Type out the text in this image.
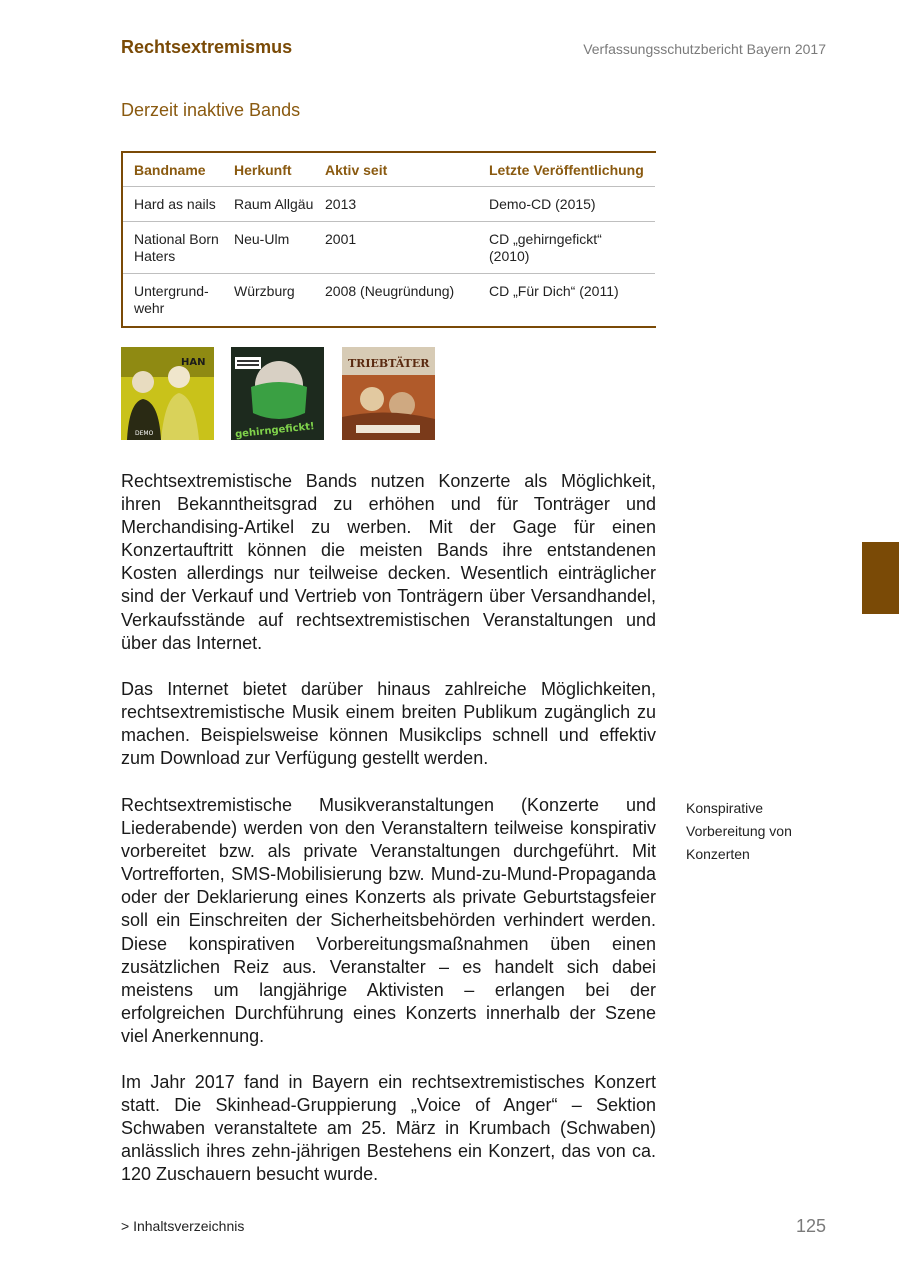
Rechtsextremismus	Verfassungsschutzbericht Bayern 2017
Derzeit inaktive Bands
Bandname	Herkunft	Aktiv seit	Letzte Veröffentlichung
Hard as nails	Raum Allgäu	2013	Demo-CD (2015)
National Born Haters	Neu-Ulm	2001	CD „gehirngefickt“ (2010)
Untergrund-wehr	Würzburg	2008 (Neugründung)	CD „Für Dich“ (2011)
HAN
DEMO	gehirngefickt!
TRIEBTÄTER
Rechtsextremistische Bands nutzen Konzerte als Möglichkeit, ihren Bekanntheitsgrad zu erhöhen und für Tonträger und Merchandising-Artikel zu werben. Mit der Gage für einen Konzertauftritt können die meisten Bands ihre entstandenen Kosten allerdings nur teilweise decken. Wesentlich einträglicher sind der Verkauf und Vertrieb von Tonträgern über Versandhandel, Verkaufsstände auf rechtsextremistischen Veranstaltungen und über das Internet.
Das Internet bietet darüber hinaus zahlreiche Möglichkeiten, rechtsextremistische Musik einem breiten Publikum zugänglich zu machen. Beispielsweise können Musikclips schnell und effektiv zum Download zur Verfügung gestellt werden.
Rechtsextremistische Musikveranstaltungen (Konzerte und Liederabende) werden von den Veranstaltern teilweise konspirativ vorbereitet bzw. als private Veranstaltungen durchgeführt. Mit Vortrefforten, SMS-Mobilisierung bzw. Mund-zu-Mund-Propaganda oder der Deklarierung eines Konzerts als private Geburtstagsfeier soll ein Einschreiten der Sicherheitsbehörden verhindert werden. Diese konspirativen Vorbereitungsmaßnahmen üben einen zusätzlichen Reiz aus. Veranstalter – es handelt sich dabei meistens um langjährige Aktivisten – erlangen bei der erfolgreichen Durchführung eines Konzerts innerhalb der Szene viel Anerkennung.
Im Jahr 2017 fand in Bayern ein rechtsextremistisches Konzert statt. Die Skinhead-Gruppierung „Voice of Anger“ – Sektion Schwaben veranstaltete am 25. März in Krumbach (Schwaben) anlässlich ihres zehn-jährigen Bestehens ein Konzert, das von ca. 120 Zuschauern besucht wurde.
Konspirative
Vorbereitung von
Konzerten
> Inhaltsverzeichnis	125
